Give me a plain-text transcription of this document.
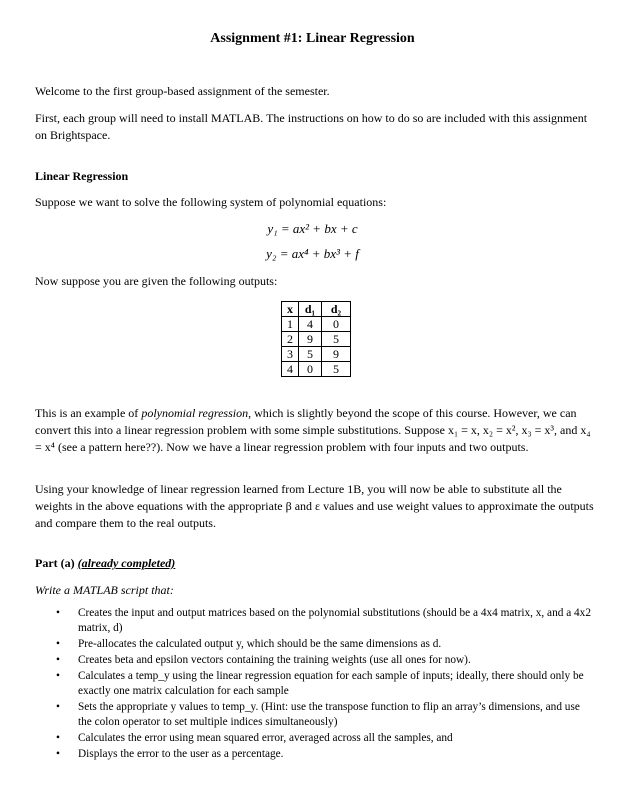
Assignment #1: Linear Regression
Welcome to the first group-based assignment of the semester.
First, each group will need to install MATLAB. The instructions on how to do so are included with this assignment on Brightspace.
Linear Regression
Suppose we want to solve the following system of polynomial equations:
y₁ = ax² + bx + c
y₂ = ax⁴ + bx³ + f
Now suppose you are given the following outputs:
x	d₁	d₂
1	4	0
2	9	5
3	5	9
4	0	5
This is an example of polynomial regression, which is slightly beyond the scope of this course. However, we can convert this into a linear regression problem with some simple substitutions. Suppose x₁ = x, x₂ = x², x₃ = x³, and x₄ = x⁴ (see a pattern here??). Now we have a linear regression problem with four inputs and two outputs.
Using your knowledge of linear regression learned from Lecture 1B, you will now be able to substitute all the weights in the above equations with the appropriate β and ε values and use weight values to approximate the outputs and compare them to the real outputs.
Part (a) (already completed)
Write a MATLAB script that:
• Creates the input and output matrices based on the polynomial substitutions (should be a 4x4 matrix, x, and a 4x2 matrix, d)
• Pre-allocates the calculated output y, which should be the same dimensions as d.
• Creates beta and epsilon vectors containing the training weights (use all ones for now).
• Calculates a temp_y using the linear regression equation for each sample of inputs; ideally, there should only be exactly one matrix calculation for each sample
• Sets the appropriate y values to temp_y. (Hint: use the transpose function to flip an array’s dimensions, and use the colon operator to set multiple indices simultaneously)
• Calculates the error using mean squared error, averaged across all the samples, and
• Displays the error to the user as a percentage.
